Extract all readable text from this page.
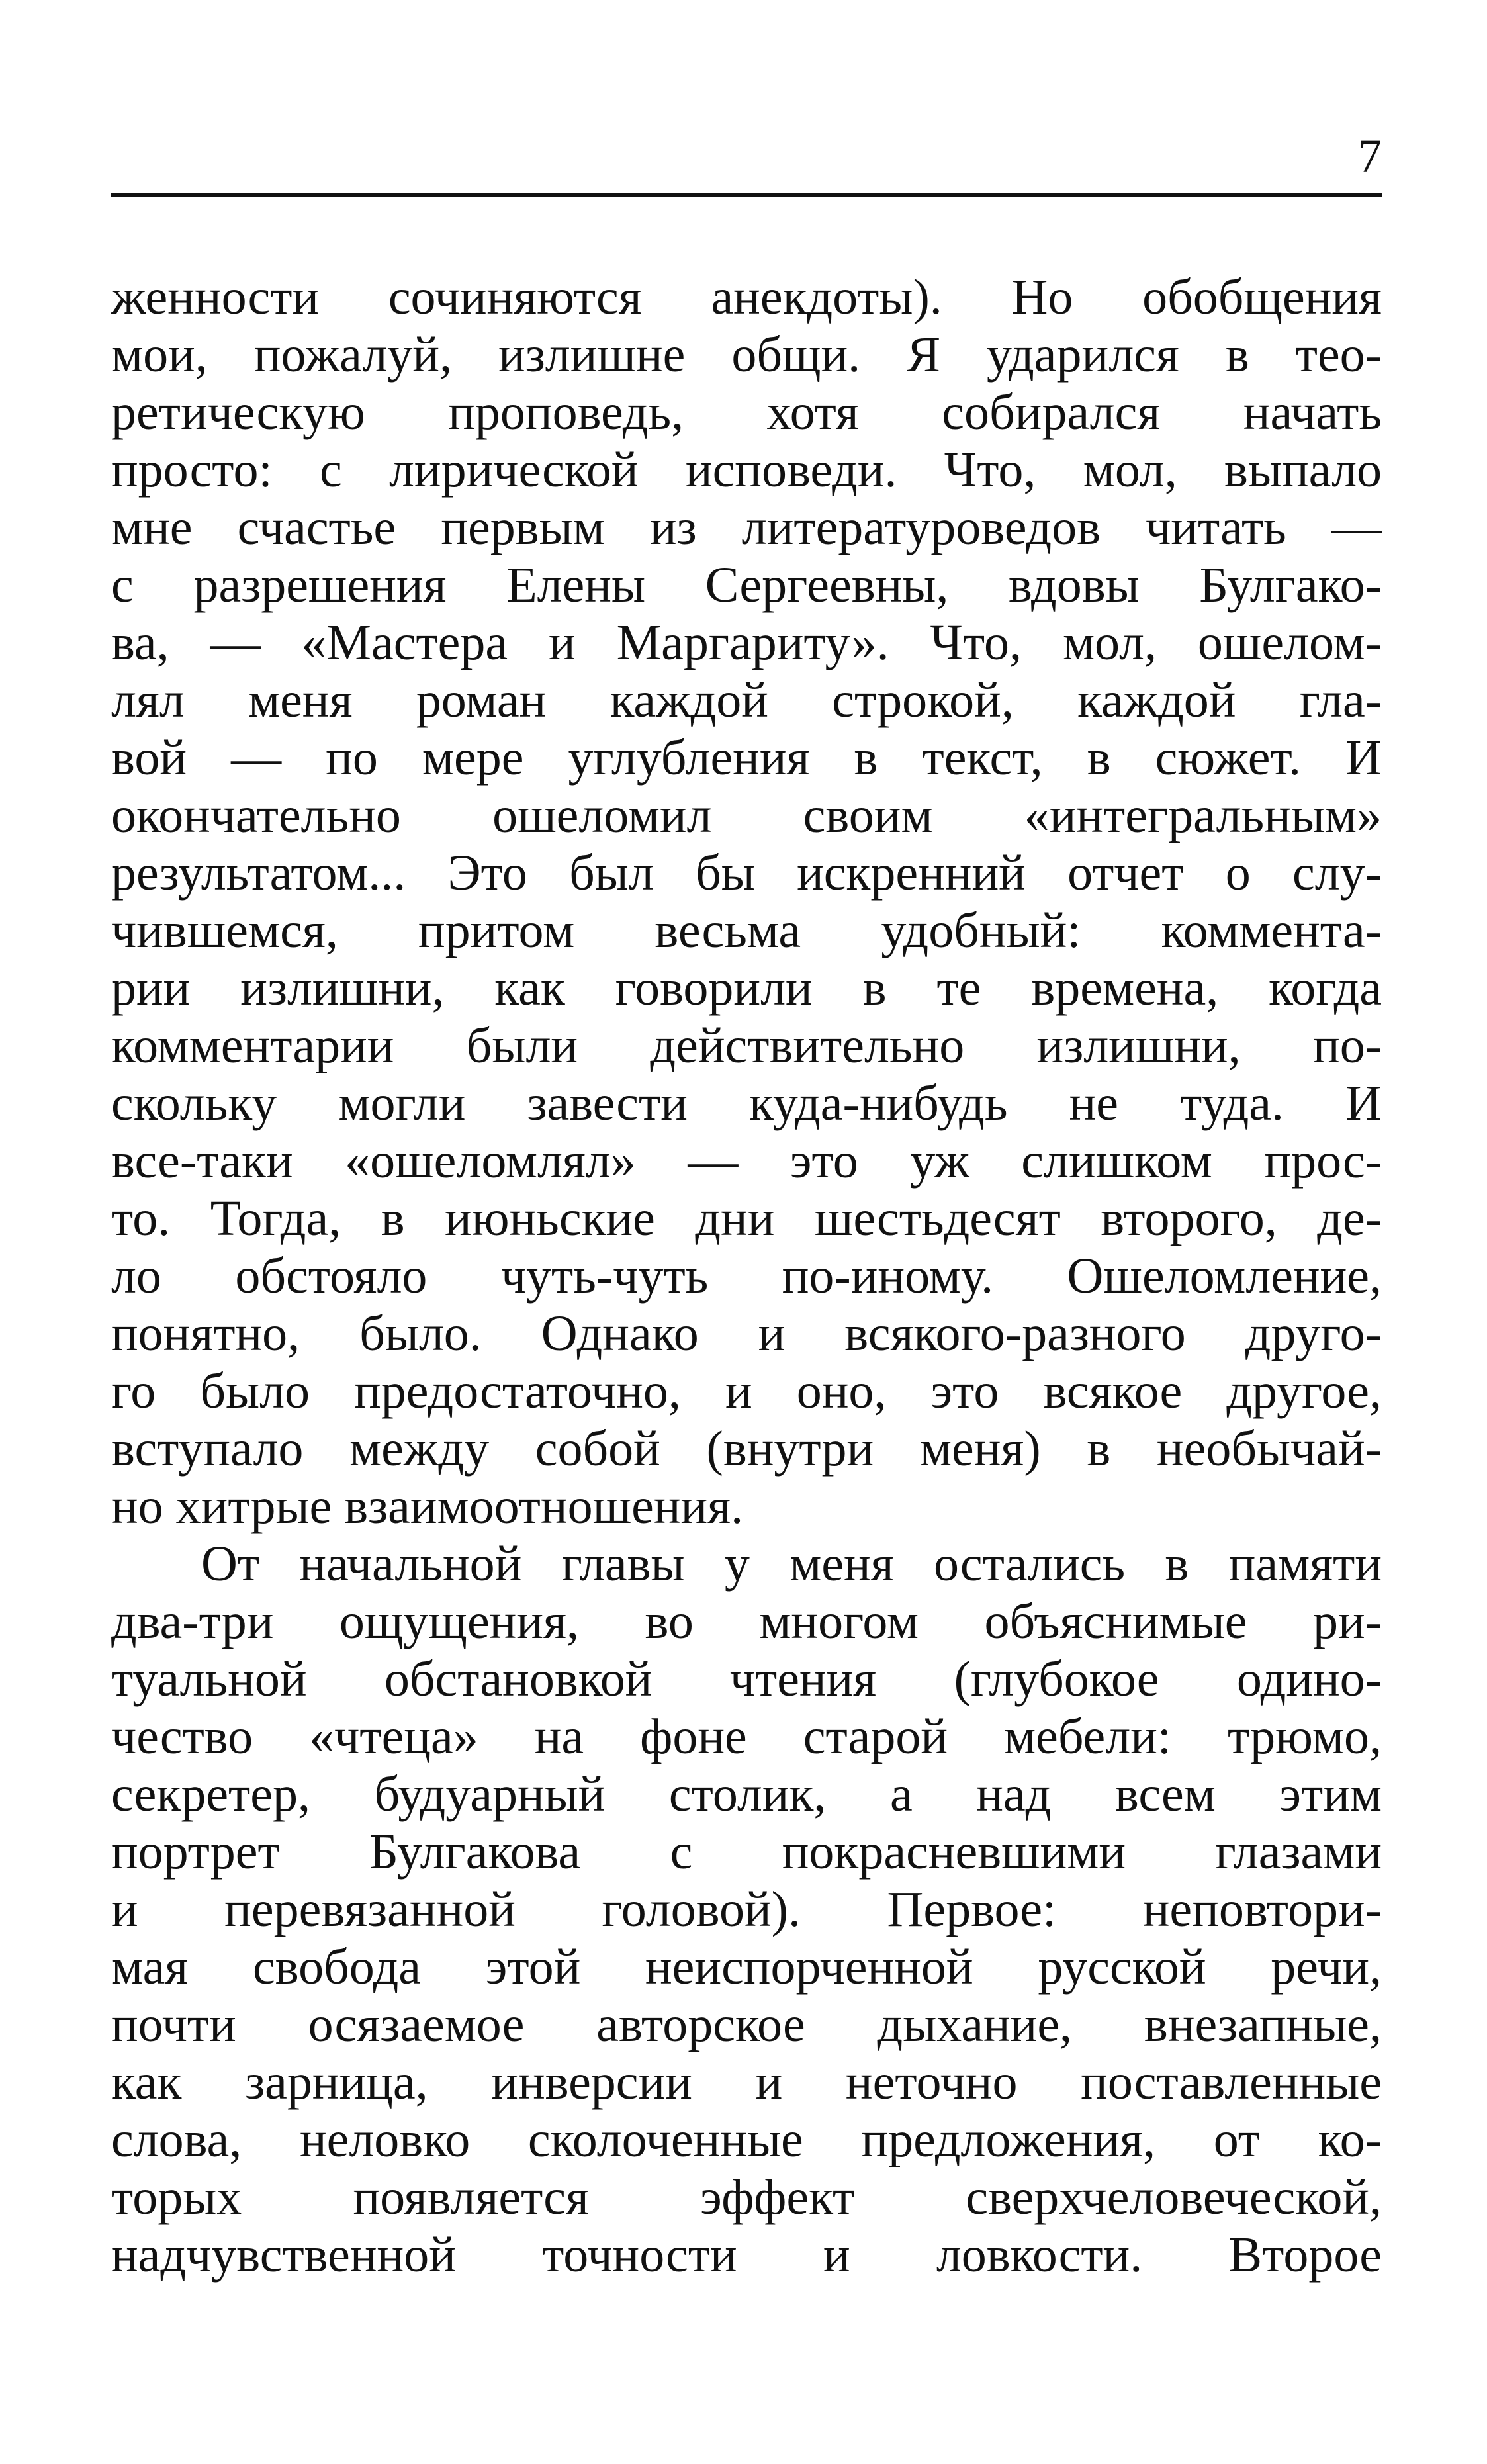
7
женности сочиняются анекдоты). Но обобщения
мои, пожалуй, излишне общи. Я ударился в тео-
ретическую проповедь, хотя собирался начать
просто: с лирической исповеди. Что, мол, выпало
мне счастье первым из литературоведов читать —
с разрешения Елены Сергеевны, вдовы Булгако-
ва, — «Мастера и Маргариту». Что, мол, ошелом-
лял меня роман каждой строкой, каждой гла-
вой — по мере углубления в текст, в сюжет. И
окончательно ошеломил своим «интегральным»
результатом... Это был бы искренний отчет о слу-
чившемся, притом весьма удобный: коммента-
рии излишни, как говорили в те времена, когда
комментарии были действительно излишни, по-
скольку могли завести куда-нибудь не туда. И
все-таки «ошеломлял» — это уж слишком прос-
то. Тогда, в июньские дни шестьдесят второго, де-
ло обстояло чуть-чуть по-иному. Ошеломление,
понятно, было. Однако и всякого-разного друго-
го было предостаточно, и оно, это всякое другое,
вступало между собой (внутри меня) в необычай-
но хитрые взаимоотношения.
От начальной главы у меня остались в памяти
два-три ощущения, во многом объяснимые ри-
туальной обстановкой чтения (глубокое одино-
чество «чтеца» на фоне старой мебели: трюмо,
секретер, будуарный столик, а над всем этим
портрет Булгакова с покрасневшими глазами
и перевязанной головой). Первое: неповтори-
мая свобода этой неиспорченной русской речи,
почти осязаемое авторское дыхание, внезапные,
как зарница, инверсии и неточно поставленные
слова, неловко сколоченные предложения, от ко-
торых появляется эффект сверхчеловеческой,
надчувственной точности и ловкости. Второе
